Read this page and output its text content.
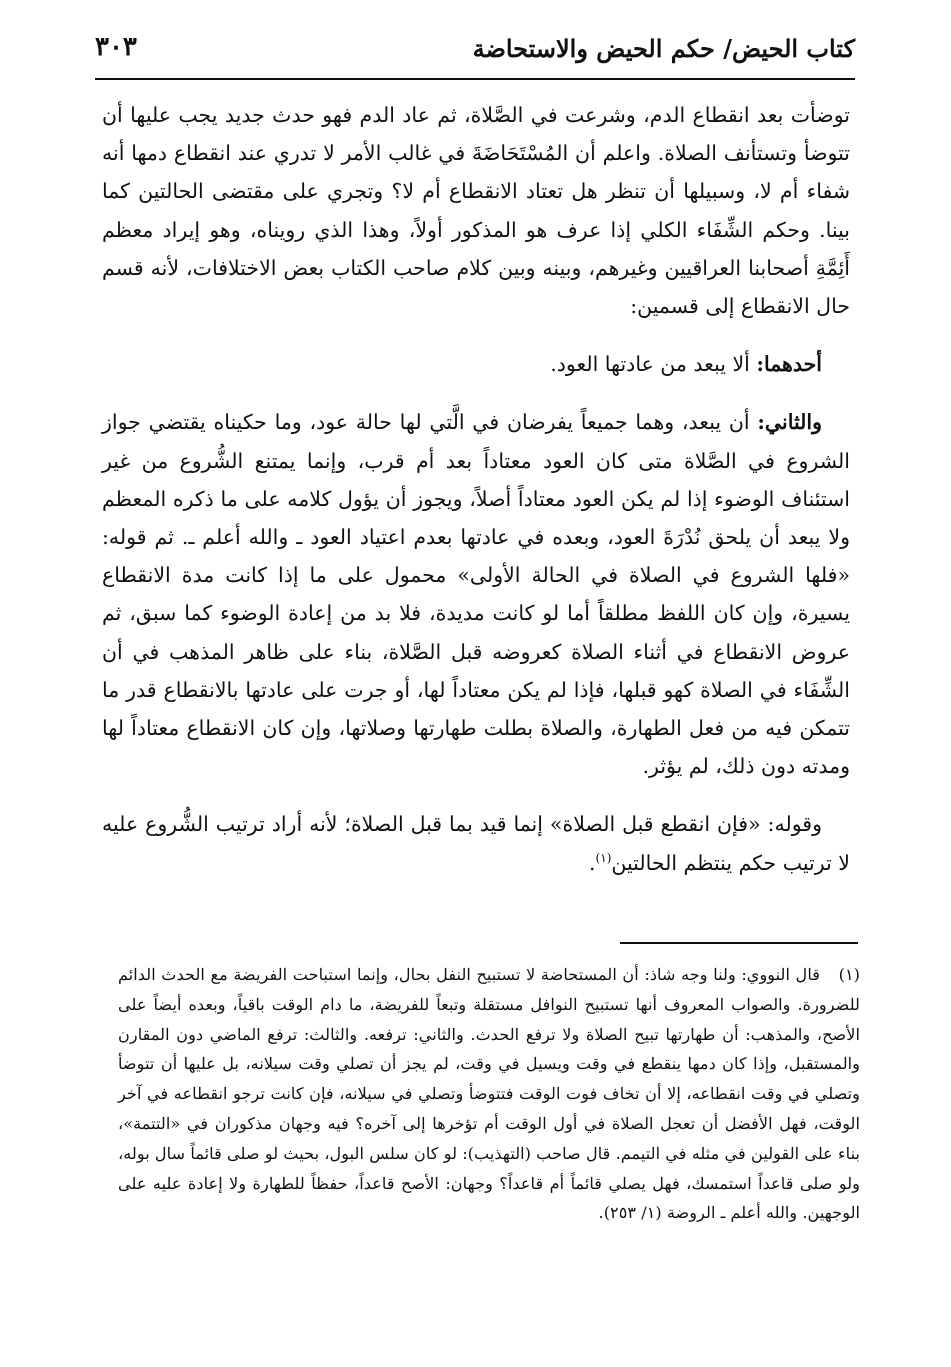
كتاب الحيض/ حكم الحيض والاستحاضة
٣٠٣

توضأت بعد انقطاع الدم، وشرعت في الصَّلاة، ثم عاد الدم فهو حدث جديد يجب عليها أن تتوضأ وتستأنف الصلاة. واعلم أن المُسْتَحَاضَةَ في غالب الأمر لا تدري عند انقطاع دمها أنه شفاء أم لا، وسبيلها أن تنظر هل تعتاد الانقطاع أم لا؟ وتجري على مقتضى الحالتين كما بينا. وحكم الشِّفَاء الكلي إذا عرف هو المذكور أولاً، وهذا الذي رويناه، وهو إيراد معظم أَئِمَّةِ أصحابنا العراقيين وغيرهم، وبينه وبين كلام صاحب الكتاب بعض الاختلافات، لأنه قسم حال الانقطاع إلى قسمين:

أحدهما: ألا يبعد من عادتها العود.

والثاني: أن يبعد، وهما جميعاً يفرضان في الَّتي لها حالة عود، وما حكيناه يقتضي جواز الشروع في الصَّلاة متى كان العود معتاداً بعد أم قرب، وإنما يمتنع الشُّروع من غير استئناف الوضوء إذا لم يكن العود معتاداً أصلاً، ويجوز أن يؤول كلامه على ما ذكره المعظم ولا يبعد أن يلحق نُدْرَةَ العود، وبعده في عادتها بعدم اعتياد العود ـ والله أعلم ـ. ثم قوله: «فلها الشروع في الصلاة في الحالة الأولى» محمول على ما إذا كانت مدة الانقطاع يسيرة، وإن كان اللفظ مطلقاً أما لو كانت مديدة، فلا بد من إعادة الوضوء كما سبق، ثم عروض الانقطاع في أثناء الصلاة كعروضه قبل الصَّلاة، بناء على ظاهر المذهب في أن الشِّفَاء في الصلاة كهو قبلها، فإذا لم يكن معتاداً لها، أو جرت على عادتها بالانقطاع قدر ما تتمكن فيه من فعل الطهارة، والصلاة بطلت طهارتها وصلاتها، وإن كان الانقطاع معتاداً لها ومدته دون ذلك، لم يؤثر.

وقوله: «فإن انقطع قبل الصلاة» إنما قيد بما قبل الصلاة؛ لأنه أراد ترتيب الشُّروع عليه لا ترتيب حكم ينتظم الحالتين$^{(١)}$.

(١)قال النووي: ولنا وجه شاذ: أن المستحاضة لا تستبيح النفل بحال، وإنما استباحت الفريضة مع الحدث الدائم للضرورة. والصواب المعروف أنها تستبيح النوافل مستقلة وتبعاً للفريضة، ما دام الوقت باقياً، وبعده أيضاً على الأصح، والمذهب: أن طهارتها تبيح الصلاة ولا ترفع الحدث. والثاني: ترفعه. والثالث: ترفع الماضي دون المقارن والمستقبل، وإذا كان دمها ينقطع في وقت ويسيل في وقت، لم يجز أن تصلي وقت سيلانه، بل عليها أن تتوضأ وتصلي في وقت انقطاعه، إلا أن تخاف فوت الوقت فتتوضأ وتصلي في سيلانه، فإن كانت ترجو انقطاعه في آخر الوقت، فهل الأفضل أن تعجل الصلاة في أول الوقت أم تؤخرها إلى آخره؟ فيه وجهان مذكوران في «التتمة»، بناء على القولين في مثله في التيمم. قال صاحب (التهذيب): لو كان سلس البول، بحيث لو صلى قائماً سال بوله، ولو صلى قاعداً استمسك، فهل يصلي قائماً أم قاعداً؟ وجهان: الأصح قاعداً، حفظاً للطهارة ولا إعادة عليه على الوجهين. والله أعلم ـ الروضة (١/ ٢٥٣).
